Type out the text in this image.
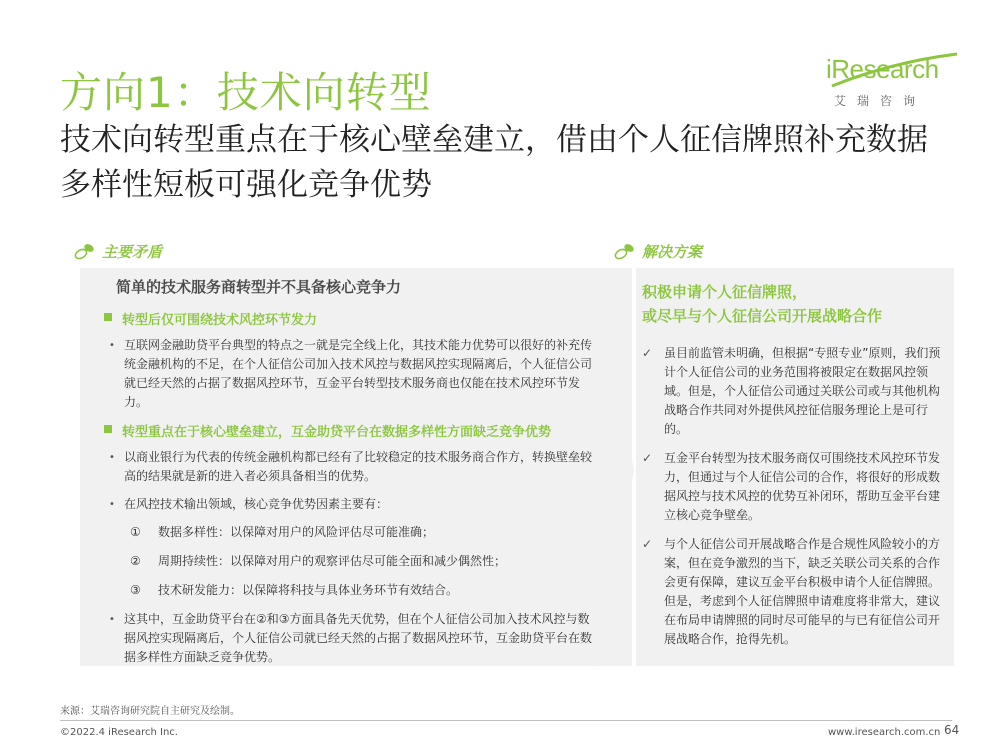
方向1：技术向转型
技术向转型重点在于核心壁垒建立，借由个人征信牌照补充数据多样性短板可强化竞争优势
iResearch
艾瑞咨询
主要矛盾	解决方案
简单的技术服务商转型并不具备核心竞争力
转型后仅可围绕技术风控环节发力
• 互联网金融助贷平台典型的特点之一就是完全线上化，其技术能力优势可以很好的补充传统金融机构的不足，在个人征信公司加入技术风控与数据风控实现隔离后，个人征信公司就已经天然的占据了数据风控环节，互金平台转型技术服务商也仅能在技术风控环节发力。
转型重点在于核心壁垒建立，互金助贷平台在数据多样性方面缺乏竞争优势
• 以商业银行为代表的传统金融机构都已经有了比较稳定的技术服务商合作方，转换壁垒较高的结果就是新的进入者必须具备相当的优势。
• 在风控技术输出领域，核心竞争优势因素主要有：
①	数据多样性：以保障对用户的风险评估尽可能准确；
②	周期持续性：以保障对用户的观察评估尽可能全面和减少偶然性；
③	技术研发能力：以保障将科技与具体业务环节有效结合。
• 这其中，互金助贷平台在②和③方面具备先天优势，但在个人征信公司加入技术风控与数据风控实现隔离后，个人征信公司就已经天然的占据了数据风控环节，互金助贷平台在数据多样性方面缺乏竞争优势。
积极申请个人征信牌照，
或尽早与个人征信公司开展战略合作
✓ 虽目前监管未明确，但根据“专照专业”原则，我们预计个人征信公司的业务范围将被限定在数据风控领域。但是，个人征信公司通过关联公司或与其他机构战略合作共同对外提供风控征信服务理论上是可行的。
✓ 互金平台转型为技术服务商仅可围绕技术风控环节发力，但通过与个人征信公司的合作，将很好的形成数据风控与技术风控的优势互补闭环，帮助互金平台建立核心竞争壁垒。
✓ 与个人征信公司开展战略合作是合规性风险较小的方案，但在竞争激烈的当下，缺乏关联公司关系的合作会更有保障，建议互金平台积极申请个人征信牌照。但是，考虑到个人征信牌照申请难度将非常大，建议在布局申请牌照的同时尽可能早的与已有征信公司开展战略合作，抢得先机。
来源：艾瑞咨询研究院自主研究及绘制。
©2022.4 iResearch Inc.	www.iresearch.com.cn 64
